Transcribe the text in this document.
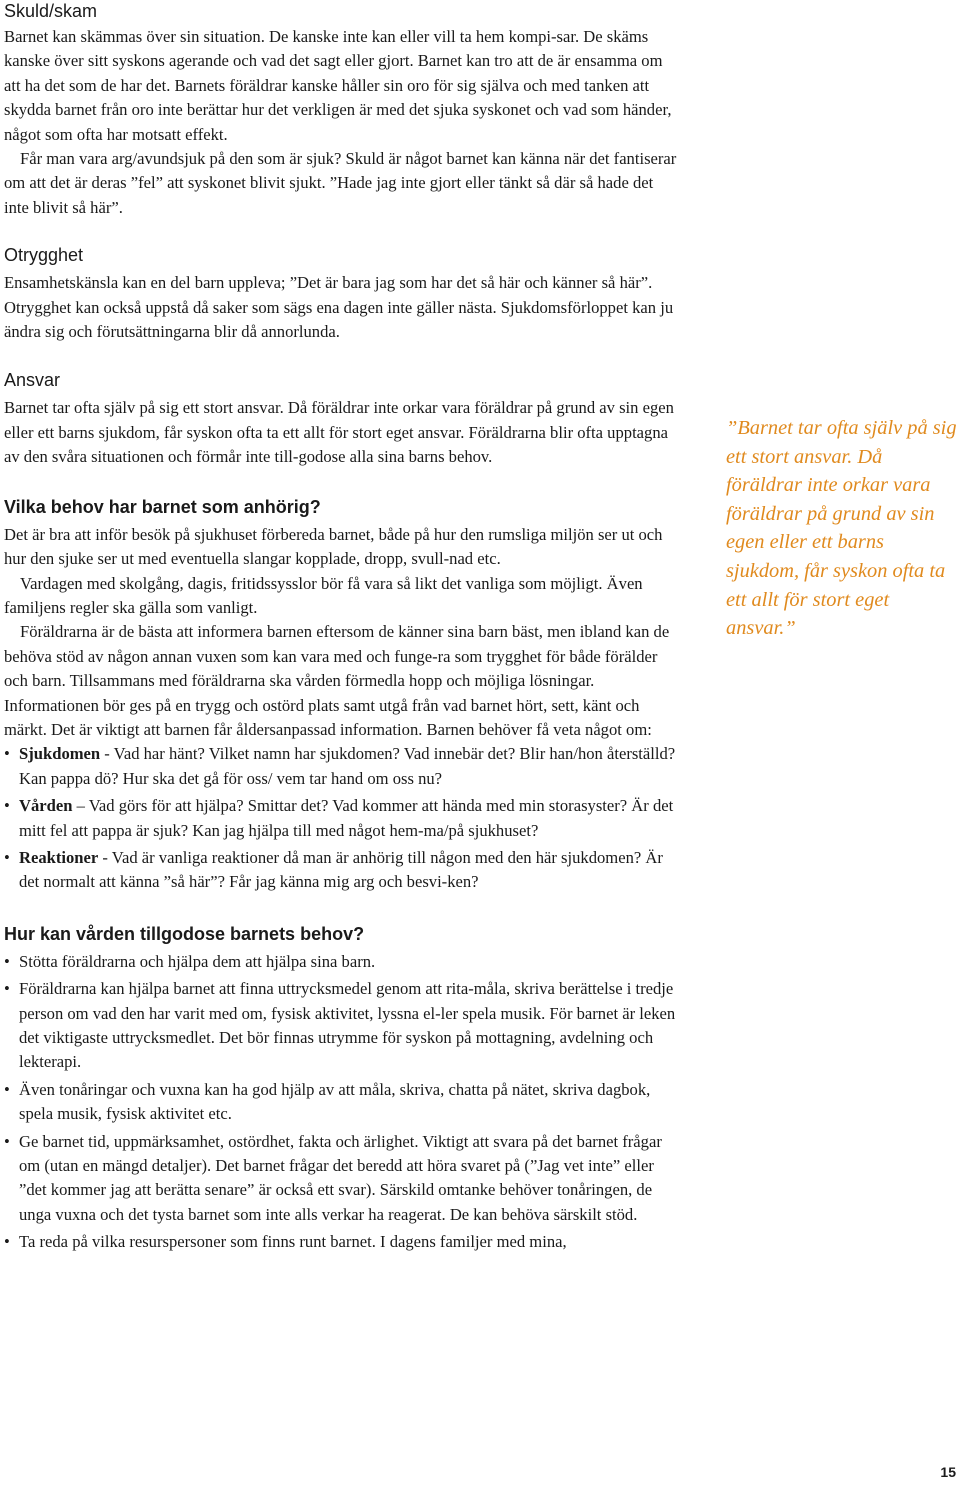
Skuld/skam

Barnet kan skämmas över sin situation. De kanske inte kan eller vill ta hem kompi-sar. De skäms kanske över sitt syskons agerande och vad det sagt eller gjort. Barnet kan tro att de är ensamma om att ha det som de har det. Barnets föräldrar kanske håller sin oro för sig själva och med tanken att skydda barnet från oro inte berättar hur det verkligen är med det sjuka syskonet och vad som händer, något som ofta har motsatt effekt.

Får man vara arg/avundsjuk på den som är sjuk? Skuld är något barnet kan känna när det fantiserar om att det är deras ”fel” att syskonet blivit sjukt. ”Hade jag inte gjort eller tänkt så där så hade det inte blivit så här”.

Otrygghet

Ensamhetskänsla kan en del barn uppleva; ”Det är bara jag som har det så här och känner så här”. Otrygghet kan också uppstå då saker som sägs ena dagen inte gäller nästa. Sjukdomsförloppet kan ju ändra sig och förutsättningarna blir då annorlunda.

Ansvar

Barnet tar ofta själv på sig ett stort ansvar. Då föräldrar inte orkar vara föräldrar på grund av sin egen eller ett barns sjukdom, får syskon ofta ta ett allt för stort eget ansvar. Föräldrarna blir ofta upptagna av den svåra situationen och förmår inte till-godose alla sina barns behov.

Vilka behov har barnet som anhörig?

Det är bra att inför besök på sjukhuset förbereda barnet, både på hur den rumsliga miljön ser ut och hur den sjuke ser ut med eventuella slangar kopplade, dropp, svull-nad etc.

Vardagen med skolgång, dagis, fritidssysslor bör få vara så likt det vanliga som möjligt. Även familjens regler ska gälla som vanligt.

Föräldrarna är de bästa att informera barnen eftersom de känner sina barn bäst, men ibland kan de behöva stöd av någon annan vuxen som kan vara med och funge-ra som trygghet för både förälder och barn. Tillsammans med föräldrarna ska vården förmedla hopp och möjliga lösningar. Informationen bör ges på en trygg och ostörd plats samt utgå från vad barnet hört, sett, känt och märkt. Det är viktigt att barnen får åldersanpassad information. Barnen behöver få veta något om:

• Sjukdomen - Vad har hänt? Vilket namn har sjukdomen? Vad innebär det? Blir han/hon återställd? Kan pappa dö? Hur ska det gå för oss/ vem tar hand om oss nu?
• Vården – Vad görs för att hjälpa? Smittar det? Vad kommer att hända med min storasyster? Är det mitt fel att pappa är sjuk? Kan jag hjälpa till med något hem-ma/på sjukhuset?
• Reaktioner - Vad är vanliga reaktioner då man är anhörig till någon med den här sjukdomen? Är det normalt att känna ”så här”? Får jag känna mig arg och besvi-ken?
Hur kan vården tillgodose barnets behov?
• Stötta föräldrarna och hjälpa dem att hjälpa sina barn.
• Föräldrarna kan hjälpa barnet att finna uttrycksmedel genom att rita-måla, skriva berättelse i tredje person om vad den har varit med om, fysisk aktivitet, lyssna el-ler spela musik. För barnet är leken det viktigaste uttrycksmedlet. Det bör finnas utrymme för syskon på mottagning, avdelning och lekterapi.
• Även tonåringar och vuxna kan ha god hjälp av att måla, skriva, chatta på nätet, skriva dagbok, spela musik, fysisk aktivitet etc.
• Ge barnet tid, uppmärksamhet, ostördhet, fakta och ärlighet. Viktigt att svara på det barnet frågar om (utan en mängd detaljer). Det barnet frågar det beredd att höra svaret på (”Jag vet inte” eller ”det kommer jag att berätta senare” är också ett svar). Särskild omtanke behöver tonåringen, de unga vuxna och det tysta barnet som inte alls verkar ha reagerat. De kan behöva särskilt stöd.
• Ta reda på vilka resurspersoner som finns runt barnet. I dagens familjer med mina,
”Barnet tar ofta själv på sig ett stort ansvar. Då föräldrar inte orkar vara föräldrar på grund av sin egen eller ett barns sjukdom, får syskon ofta ta ett allt för stort eget ansvar.”
15
